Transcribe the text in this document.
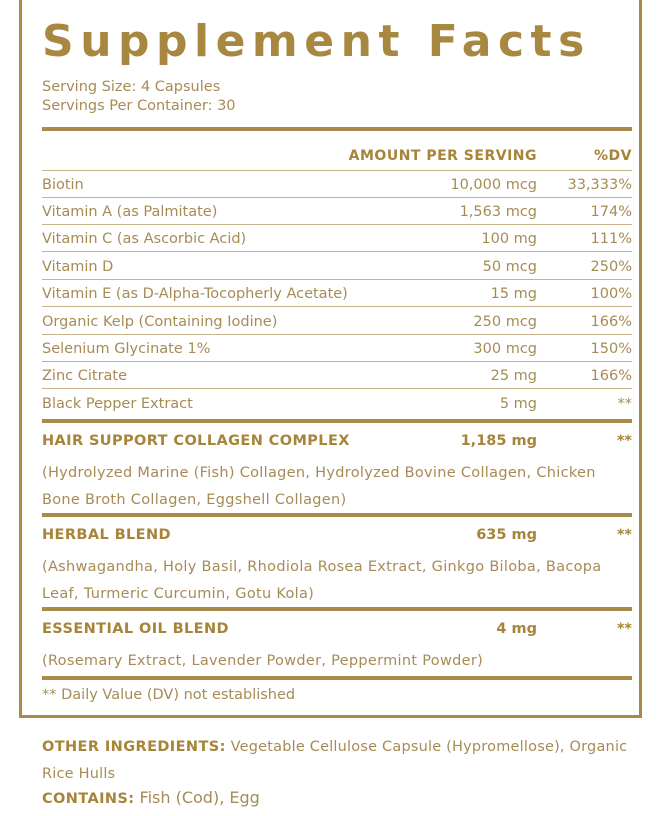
Supplement Facts
Serving Size: 4 Capsules
Servings Per Container: 30
AMOUNT PER SERVING	%DV
Biotin	10,000 mcg 33,333%
Vitamin A (as Palmitate)	1,563 mcg	174%
Vitamin C (as Ascorbic Acid)	100 mg	111%
Vitamin D	50 mcg	250%
Vitamin E (as D-Alpha-Tocopherly Acetate)	15 mg	100%
Organic Kelp (Containing Iodine)	250 mcg	166%
Selenium Glycinate 1%	300 mcg	150%
Zinc Citrate	25 mg	166%
Black Pepper Extract	5 mg	**
HAIR SUPPORT COLLAGEN COMPLEX	1,185 mg	**
(Hydrolyzed Marine (Fish) Collagen, Hydrolyzed Bovine Collagen, Chicken Bone Broth Collagen, Eggshell Collagen)
HERBAL BLEND	635 mg	**
(Ashwagandha, Holy Basil, Rhodiola Rosea Extract, Ginkgo Biloba, Bacopa Leaf, Turmeric Curcumin, Gotu Kola)
ESSENTIAL OIL BLEND	4 mg	**
(Rosemary Extract, Lavender Powder, Peppermint Powder)
** Daily Value (DV) not established
OTHER INGREDIENTS: Vegetable Cellulose Capsule (Hypromellose), Organic Rice Hulls
CONTAINS: Fish (Cod), Egg
